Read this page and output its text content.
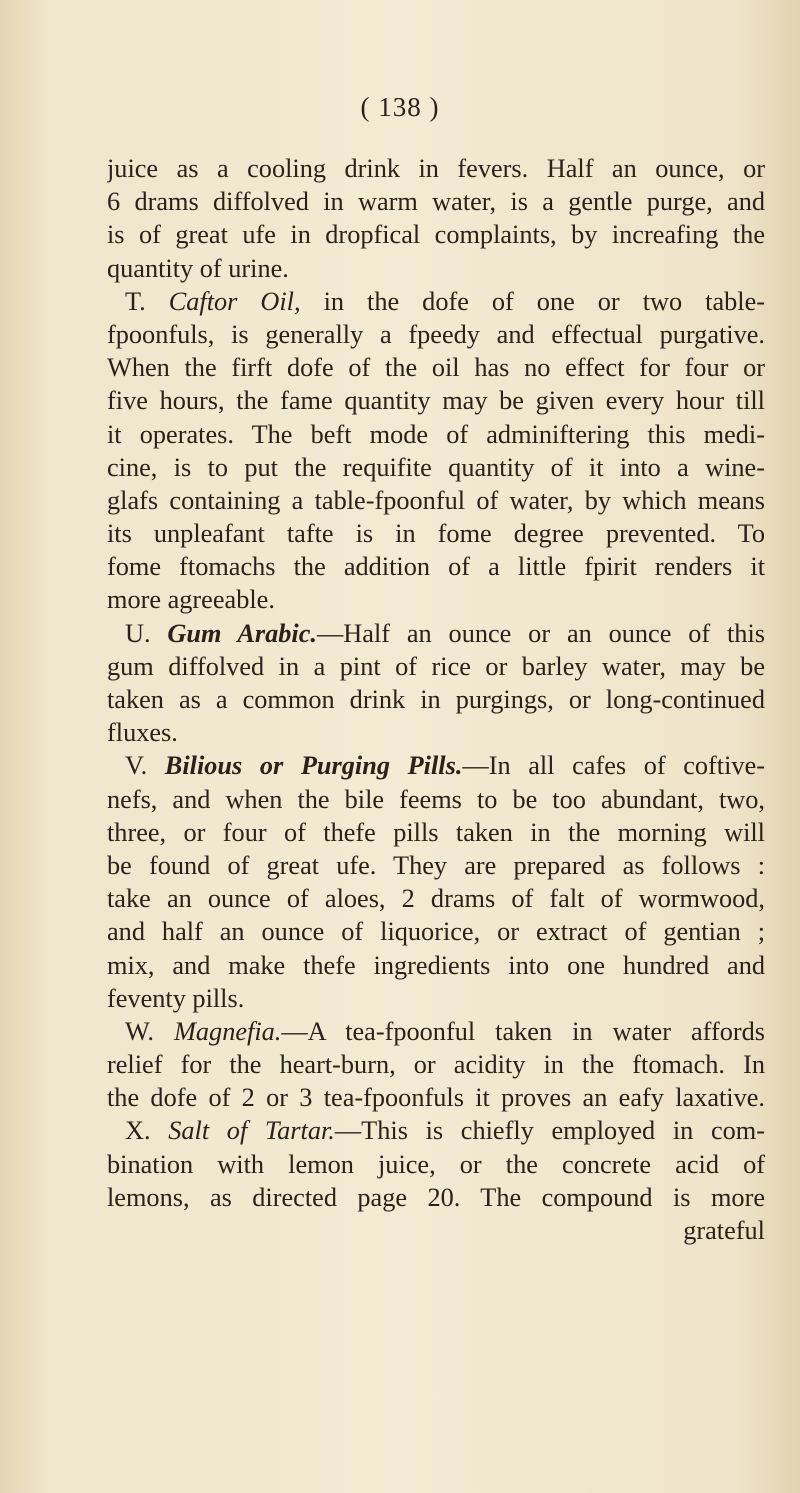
( 138 )
juice as a cooling drink in fevers. Half an ounce, or
6 drams diffolved in warm water, is a gentle purge, and
is of great ufe in dropfical complaints, by increafing the
quantity of urine.
T. Caftor Oil, in the dofe of one or two table-
fpoonfuls, is generally a fpeedy and effectual purgative.
When the firft dofe of the oil has no effect for four or
five hours, the fame quantity may be given every hour till
it operates. The beft mode of adminiftering this medi-
cine, is to put the requifite quantity of it into a wine-
glafs containing a table-fpoonful of water, by which means
its unpleafant tafte is in fome degree prevented. To
fome ftomachs the addition of a little fpirit renders it
more agreeable.
U. Gum Arabic.—Half an ounce or an ounce of this
gum diffolved in a pint of rice or barley water, may be
taken as a common drink in purgings, or long-continued
fluxes.
V. Bilious or Purging Pills.—In all cafes of coftive-
nefs, and when the bile feems to be too abundant, two,
three, or four of thefe pills taken in the morning will
be found of great ufe. They are prepared as follows :
take an ounce of aloes, 2 drams of falt of wormwood,
and half an ounce of liquorice, or extract of gentian ;
mix, and make thefe ingredients into one hundred and
feventy pills.
W. Magnefia.—A tea-fpoonful taken in water affords
relief for the heart-burn, or acidity in the ftomach. In
the dofe of 2 or 3 tea-fpoonfuls it proves an eafy laxative.
X. Salt of Tartar.—This is chiefly employed in com-
bination with lemon juice, or the concrete acid of
lemons, as directed page 20. The compound is more
grateful
